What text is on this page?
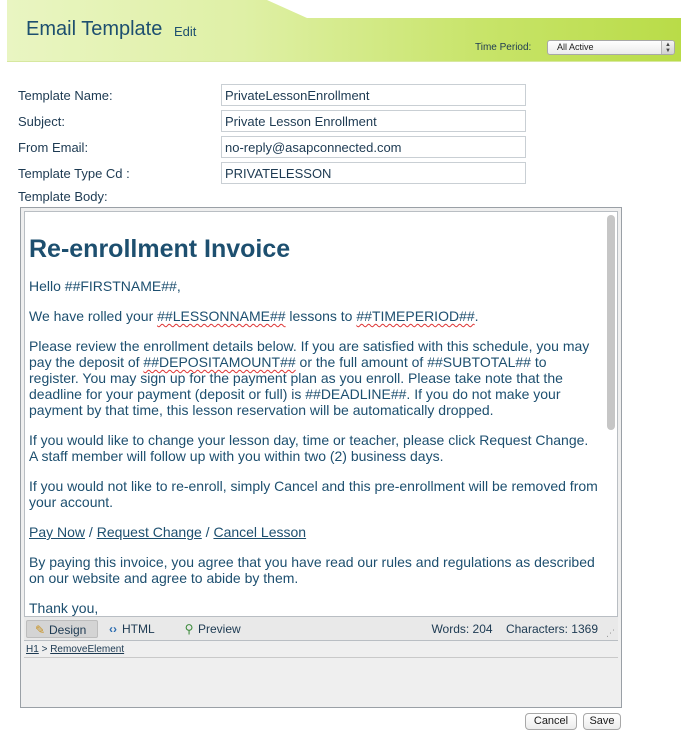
Email Template Edit
Time Period:	All Active	▲
▼
Template Name:	PrivateLessonEnrollment
Subject:	Private Lesson Enrollment
From Email:	no-reply@asapconnected.com
Template Type Cd :	PRIVATELESSON
Template Body:
Re-enrollment Invoice

Hello ##FIRSTNAME##,

We have rolled your ##LESSONNAME## lessons to ##TIMEPERIOD##.

Please review the enrollment details below. If you are satisfied with this schedule, you may pay the deposit of ##DEPOSITAMOUNT## or the full amount of ##SUBTOTAL## to register. You may sign up for the payment plan as you enroll. Please take note that the deadline for your payment (deposit or full) is ##DEADLINE##. If you do not make your payment by that time, this lesson reservation will be automatically dropped.

If you would like to change your lesson day, time or teacher, please click Request Change. A staff member will follow up with you within two (2) business days.

If you would not like to re-enroll, simply Cancel and this pre-enrollment will be removed from your account.

Pay Now / Request Change / Cancel Lesson

By paying this invoice, you agree that you have read our rules and regulations as described on our website and agree to abide by them.

Thank you,

✎ Design	‹› HTML	⚲ Preview	Words: 204 Characters: 1369 ⋰
H1 > RemoveElement
Cancel	Save
